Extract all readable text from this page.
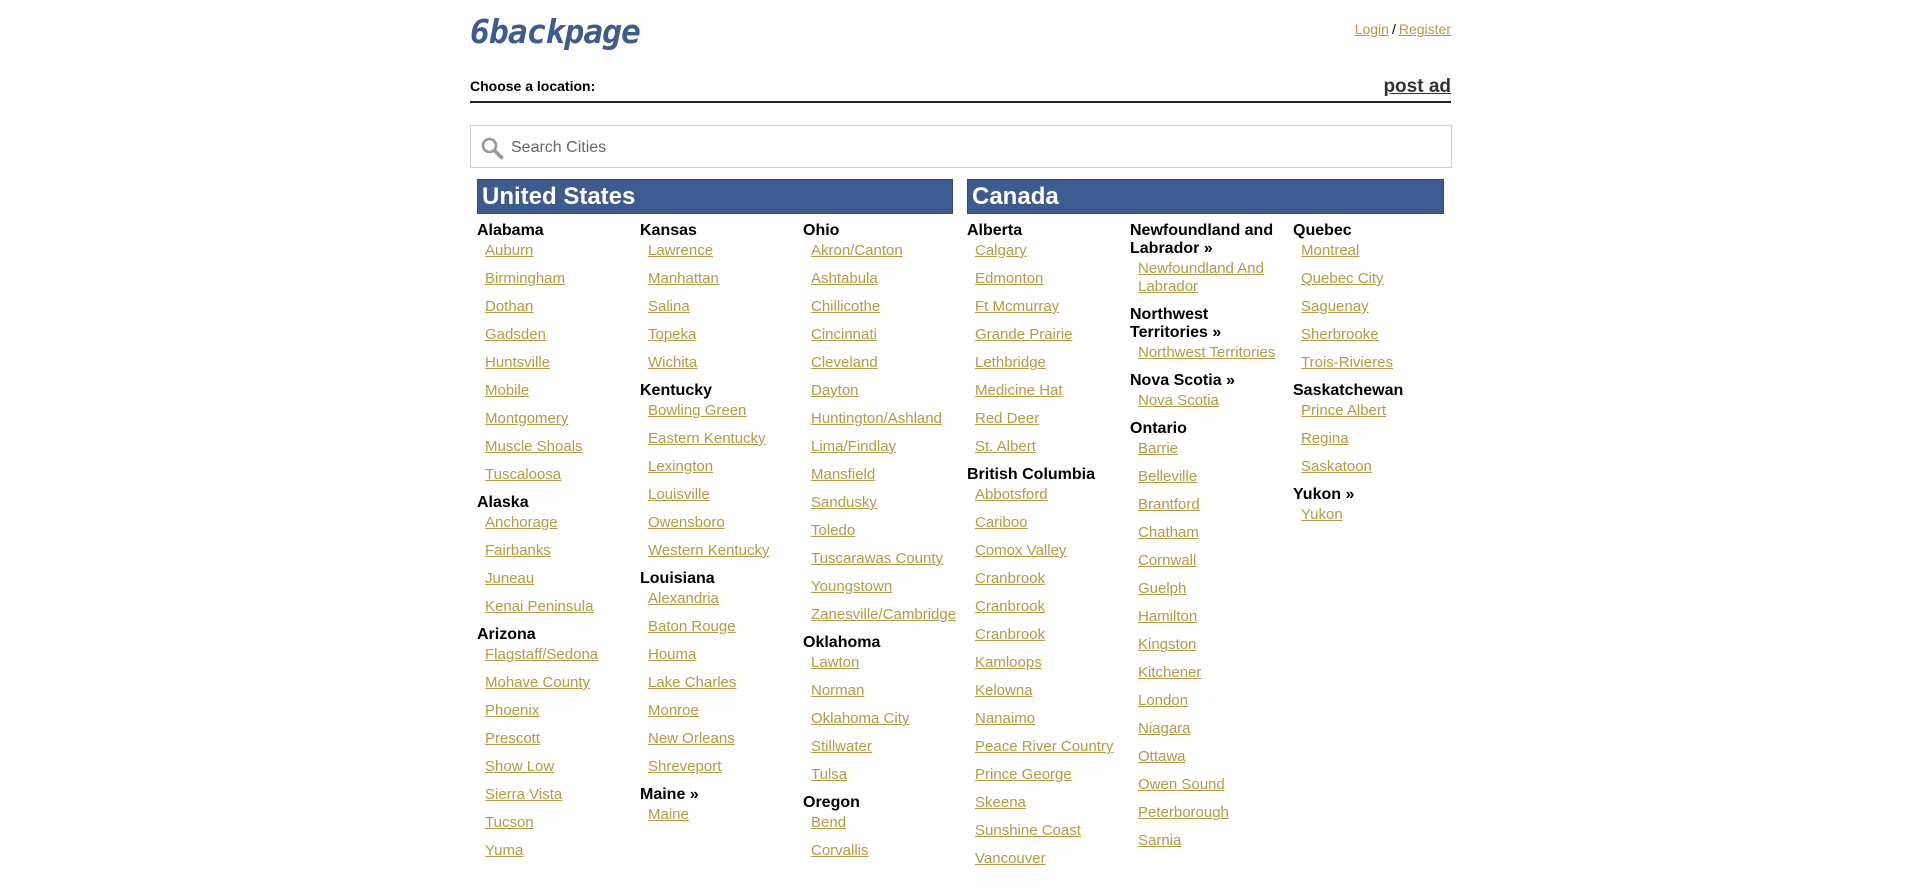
6backpage	Login / Register
Choose a location:	post ad
Search Cities
United States	Canada
Alabama
Auburn
Birmingham
Dothan
Gadsden
Huntsville
Mobile
Montgomery
Muscle Shoals
Tuscaloosa
Alaska
Anchorage
Fairbanks
Juneau
Kenai Peninsula
Arizona
Flagstaff/Sedona
Mohave County
Phoenix
Prescott
Show Low
Sierra Vista
Tucson
Yuma
Kansas
Lawrence
Manhattan
Salina
Topeka
Wichita
Kentucky
Bowling Green
Eastern Kentucky
Lexington
Louisville
Owensboro
Western Kentucky
Louisiana
Alexandria
Baton Rouge
Houma
Lake Charles
Monroe
New Orleans
Shreveport
Maine »
Maine
Ohio
Akron/Canton
Ashtabula
Chillicothe
Cincinnati
Cleveland
Dayton
Huntington/Ashland
Lima/Findlay
Mansfield
Sandusky
Toledo
Tuscarawas County
Youngstown
Zanesville/Cambridge
Oklahoma
Lawton
Norman
Oklahoma City
Stillwater
Tulsa
Oregon
Bend
Corvallis
Alberta
Calgary
Edmonton
Ft Mcmurray
Grande Prairie
Lethbridge
Medicine Hat
Red Deer
St. Albert
British Columbia
Abbotsford
Cariboo
Comox Valley
Cranbrook
Cranbrook
Cranbrook
Kamloops
Kelowna
Nanaimo
Peace River Country
Prince George
Skeena
Sunshine Coast
Vancouver
Newfoundland and Labrador »
Newfoundland And Labrador
Northwest Territories »
Northwest Territories
Nova Scotia »
Nova Scotia
Ontario
Barrie
Belleville
Brantford
Chatham
Cornwall
Guelph
Hamilton
Kingston
Kitchener
London
Niagara
Ottawa
Owen Sound
Peterborough
Sarnia
Quebec
Montreal
Quebec City
Saguenay
Sherbrooke
Trois-Rivieres
Saskatchewan
Prince Albert
Regina
Saskatoon
Yukon »
Yukon
